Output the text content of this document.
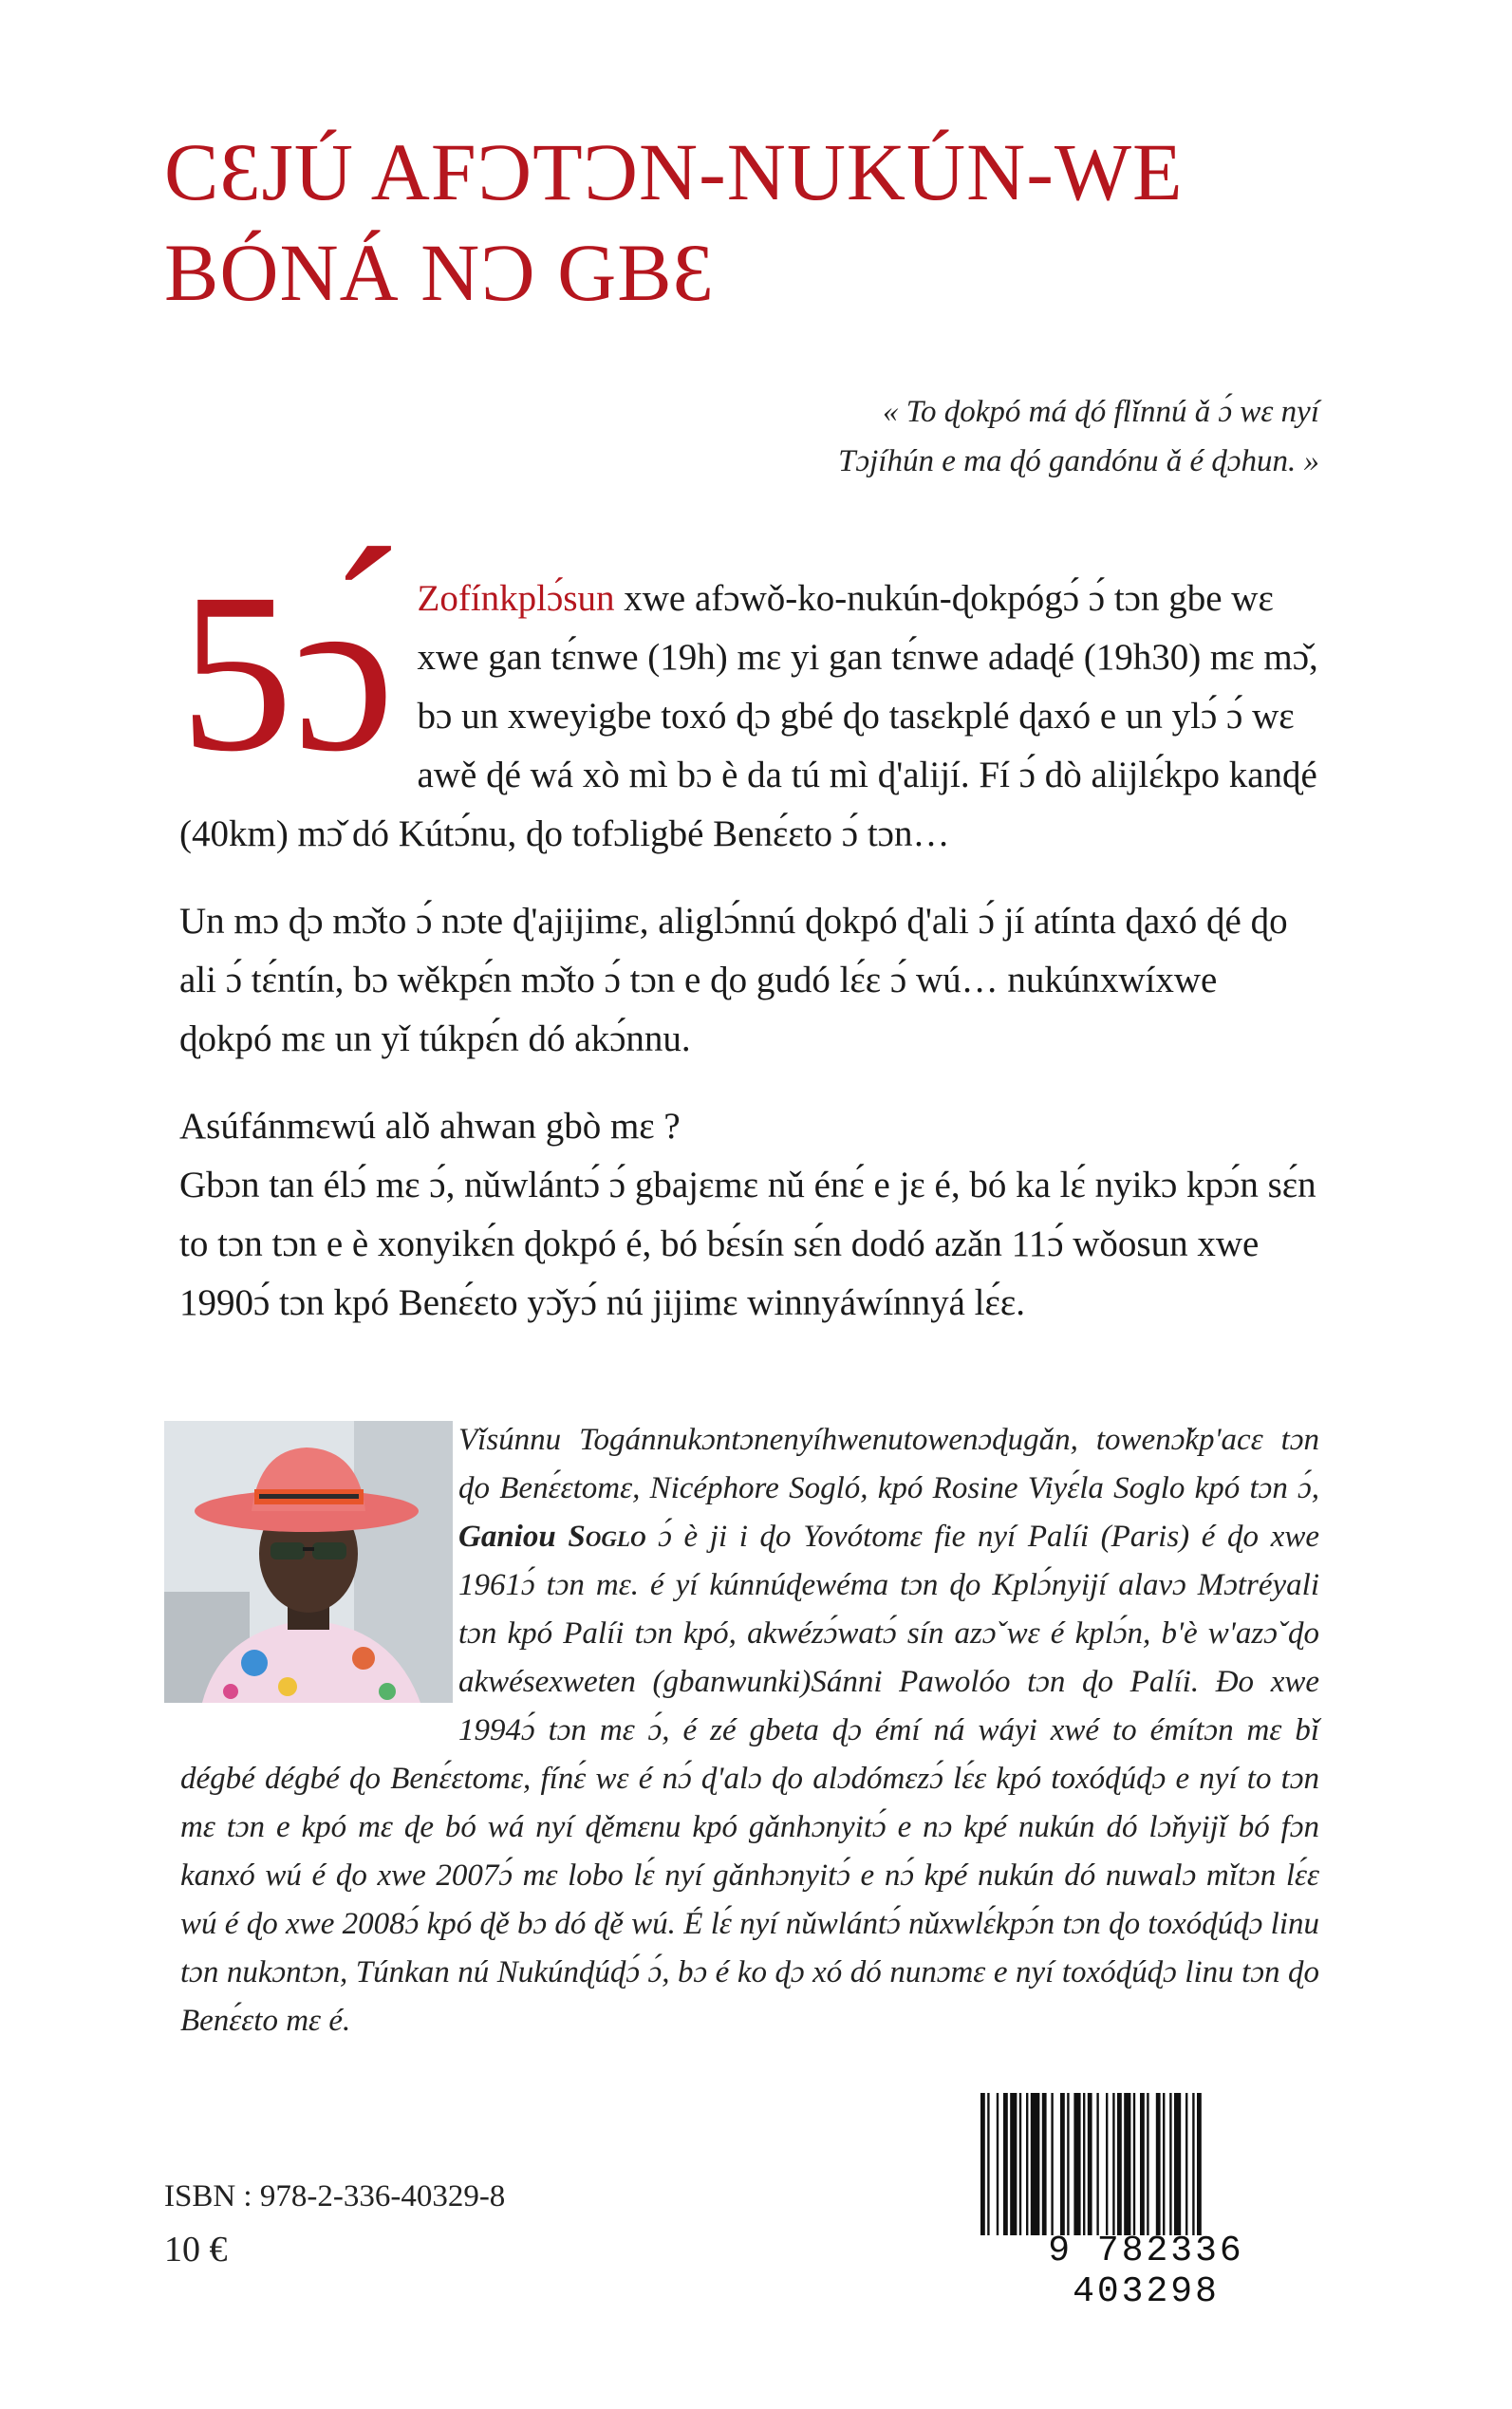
CƐJÚ AFƆTƆN-NUKÚN-WE
BÓNÁ NƆ GBƐ
« To ɖokpó má ɖó flǐnnú ǎ ɔ́ wɛ nyí
Tɔjíhún e ma ɖó gandónu ǎ é ɖɔhun. »

5ɔ́ Zofínkplɔ́sun xwe afɔwǒ-ko-nukún-ɖokpógɔ́ ɔ́ tɔn gbe wɛ xwe gan tɛ́nwe (19h) mɛ yi gan tɛ́nwe adaɖé (19h30) mɛ mɔ̌, bɔ un xweyigbe toxó ɖɔ gbé ɖo tasɛkplé ɖaxó e un ylɔ́ ɔ́ wɛ awě ɖé wá xò mì bɔ è da tú mì ɖ'alijí. Fí ɔ́ dò alijlɛ́kpo kanɖé (40km) mɔ̌ dó Kútɔ́nu, ɖo tofɔligbé Benɛ́ɛto ɔ́ tɔn…

Un mɔ ɖɔ mɔ̌to ɔ́ nɔte ɖ'ajijimɛ, aliglɔ́nnú ɖokpó ɖ'ali ɔ́ jí atínta ɖaxó ɖé ɖo ali ɔ́ tɛ́ntín, bɔ wěkpɛ́n mɔ̌to ɔ́ tɔn e ɖo gudó lɛ́ɛ ɔ́ wú… nukúnxwíxwe ɖokpó mɛ un yǐ túkpɛ́n dó akɔ́nnu.

Asúfánmɛwú alǒ ahwan gbò mɛ ?

Gbɔn tan élɔ́ mɛ ɔ́, nǔwlántɔ́ ɔ́ gbajɛmɛ nǔ énɛ́ e jɛ é, bó ka lɛ́ nyikɔ kpɔ́n sɛ́n to tɔn tɔn e è xonyikɛ́n ɖokpó é, bó bɛ́sín sɛ́n dodó azǎn 11ɔ́ wǒosun xwe 1990ɔ́ tɔn kpó Benɛ́ɛto yɔ̌yɔ́ nú jijimɛ winnyáwínnyá lɛ́ɛ.

Vǐsúnnu Togánnukɔntɔnenyíhwenutowenɔɖugǎn, towenɔ̌kp'acɛ tɔn ɖo Benɛ́ɛtomɛ, Nicéphore Sogló, kpó Rosine Viyɛ́la Soglo kpó tɔn ɔ́, Ganiou Soglo ɔ́ è ji i ɖo Yovótomɛ fie nyí Palíi (Paris) é ɖo xwe 1961ɔ́ tɔn mɛ. é yí kúnnúɖewéma tɔn ɖo Kplɔ́nyijí alavɔ Mɔtréyali tɔn kpó Palíi tɔn kpó, akwézɔ́watɔ́ sín azɔ̌ wɛ é kplɔ́n, b'è w'azɔ̌ ɖo akwésexweten (gbanwunki)Sánni Pawolóo tɔn ɖo Palíi. Ɖo xwe 1994ɔ́ tɔn mɛ ɔ́, é zé gbeta ɖɔ émí ná wáyi xwé to émítɔn mɛ bǐ dégbé dégbé ɖo Benɛ́ɛtomɛ, fínɛ́ wɛ é nɔ́ ɖ'alɔ ɖo alɔdómɛzɔ́ lɛ́ɛ kpó toxóɖúɖɔ e nyí to tɔn mɛ tɔn e kpó mɛ ɖe bó wá nyí ɖěmɛnu kpó gǎnhɔnyitɔ́ e nɔ kpé nukún dó lɔ̌nyijǐ bó fɔn kanxó wú é ɖo xwe 2007ɔ́ mɛ lobo lɛ́ nyí gǎnhɔnyitɔ́ e nɔ́ kpé nukún dó nuwalɔ mǐtɔn lɛ́ɛ wú é ɖo xwe 2008ɔ́ kpó ɖě bɔ dó ɖě wú. É lɛ́ nyí nǔwlántɔ́ nǔxwlɛ́kpɔ́n tɔn ɖo toxóɖúɖɔ linu tɔn nukɔntɔn, Túnkan nú Nukúnɖúɖɔ́ ɔ́, bɔ é ko ɖɔ xó dó nunɔmɛ e nyí toxóɖúɖɔ linu tɔn ɖo Benɛ́ɛto mɛ é.
ISBN : 978-2-336-40329-8
10 €	9 782336 403298
